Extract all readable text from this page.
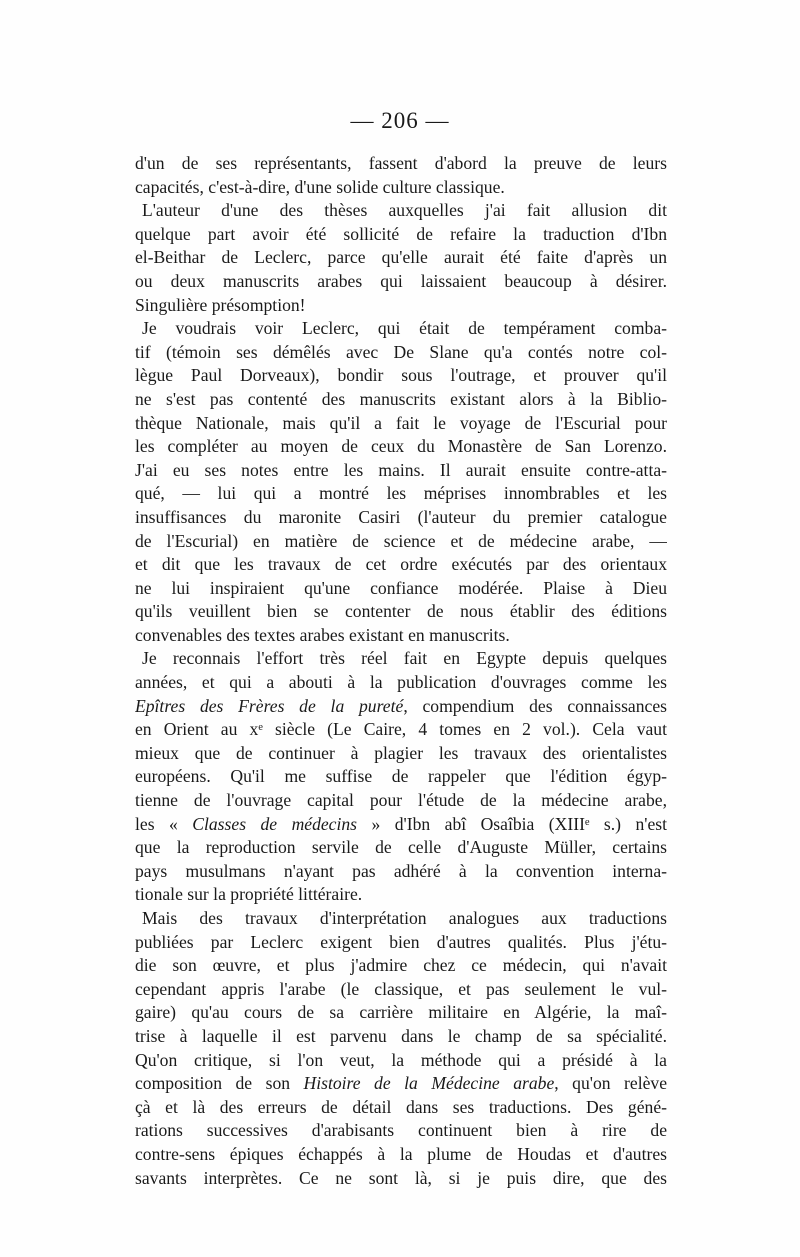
— 206 —
d'un de ses représentants, fassent d'abord la preuve de leurs
capacités, c'est-à-dire, d'une solide culture classique.
L'auteur d'une des thèses auxquelles j'ai fait allusion dit
quelque part avoir été sollicité de refaire la traduction d'Ibn
el-Beithar de Leclerc, parce qu'elle aurait été faite d'après un
ou deux manuscrits arabes qui laissaient beaucoup à désirer.
Singulière présomption!
Je voudrais voir Leclerc, qui était de tempérament comba-
tif (témoin ses démêlés avec De Slane qu'a contés notre col-
lègue Paul Dorveaux), bondir sous l'outrage, et prouver qu'il
ne s'est pas contenté des manuscrits existant alors à la Biblio-
thèque Nationale, mais qu'il a fait le voyage de l'Escurial pour
les compléter au moyen de ceux du Monastère de San Lorenzo.
J'ai eu ses notes entre les mains. Il aurait ensuite contre-atta-
qué, — lui qui a montré les méprises innombrables et les
insuffisances du maronite Casiri (l'auteur du premier catalogue
de l'Escurial) en matière de science et de médecine arabe, —
et dit que les travaux de cet ordre exécutés par des orientaux
ne lui inspiraient qu'une confiance modérée. Plaise à Dieu
qu'ils veuillent bien se contenter de nous établir des éditions
convenables des textes arabes existant en manuscrits.
Je reconnais l'effort très réel fait en Egypte depuis quelques
années, et qui a abouti à la publication d'ouvrages comme les
Epîtres des Frères de la pureté, compendium des connaissances
en Orient au xᵉ siècle (Le Caire, 4 tomes en 2 vol.). Cela vaut
mieux que de continuer à plagier les travaux des orientalistes
européens. Qu'il me suffise de rappeler que l'édition égyp-
tienne de l'ouvrage capital pour l'étude de la médecine arabe,
les « Classes de médecins » d'Ibn abî Osaîbia (XIIIᵉ s.) n'est
que la reproduction servile de celle d'Auguste Müller, certains
pays musulmans n'ayant pas adhéré à la convention interna-
tionale sur la propriété littéraire.
Mais des travaux d'interprétation analogues aux traductions
publiées par Leclerc exigent bien d'autres qualités. Plus j'étu-
die son œuvre, et plus j'admire chez ce médecin, qui n'avait
cependant appris l'arabe (le classique, et pas seulement le vul-
gaire) qu'au cours de sa carrière militaire en Algérie, la maî-
trise à laquelle il est parvenu dans le champ de sa spécialité.
Qu'on critique, si l'on veut, la méthode qui a présidé à la
composition de son Histoire de la Médecine arabe, qu'on relève
çà et là des erreurs de détail dans ses traductions. Des géné-
rations successives d'arabisants continuent bien à rire de
contre-sens épiques échappés à la plume de Houdas et d'autres
savants interprètes. Ce ne sont là, si je puis dire, que des
